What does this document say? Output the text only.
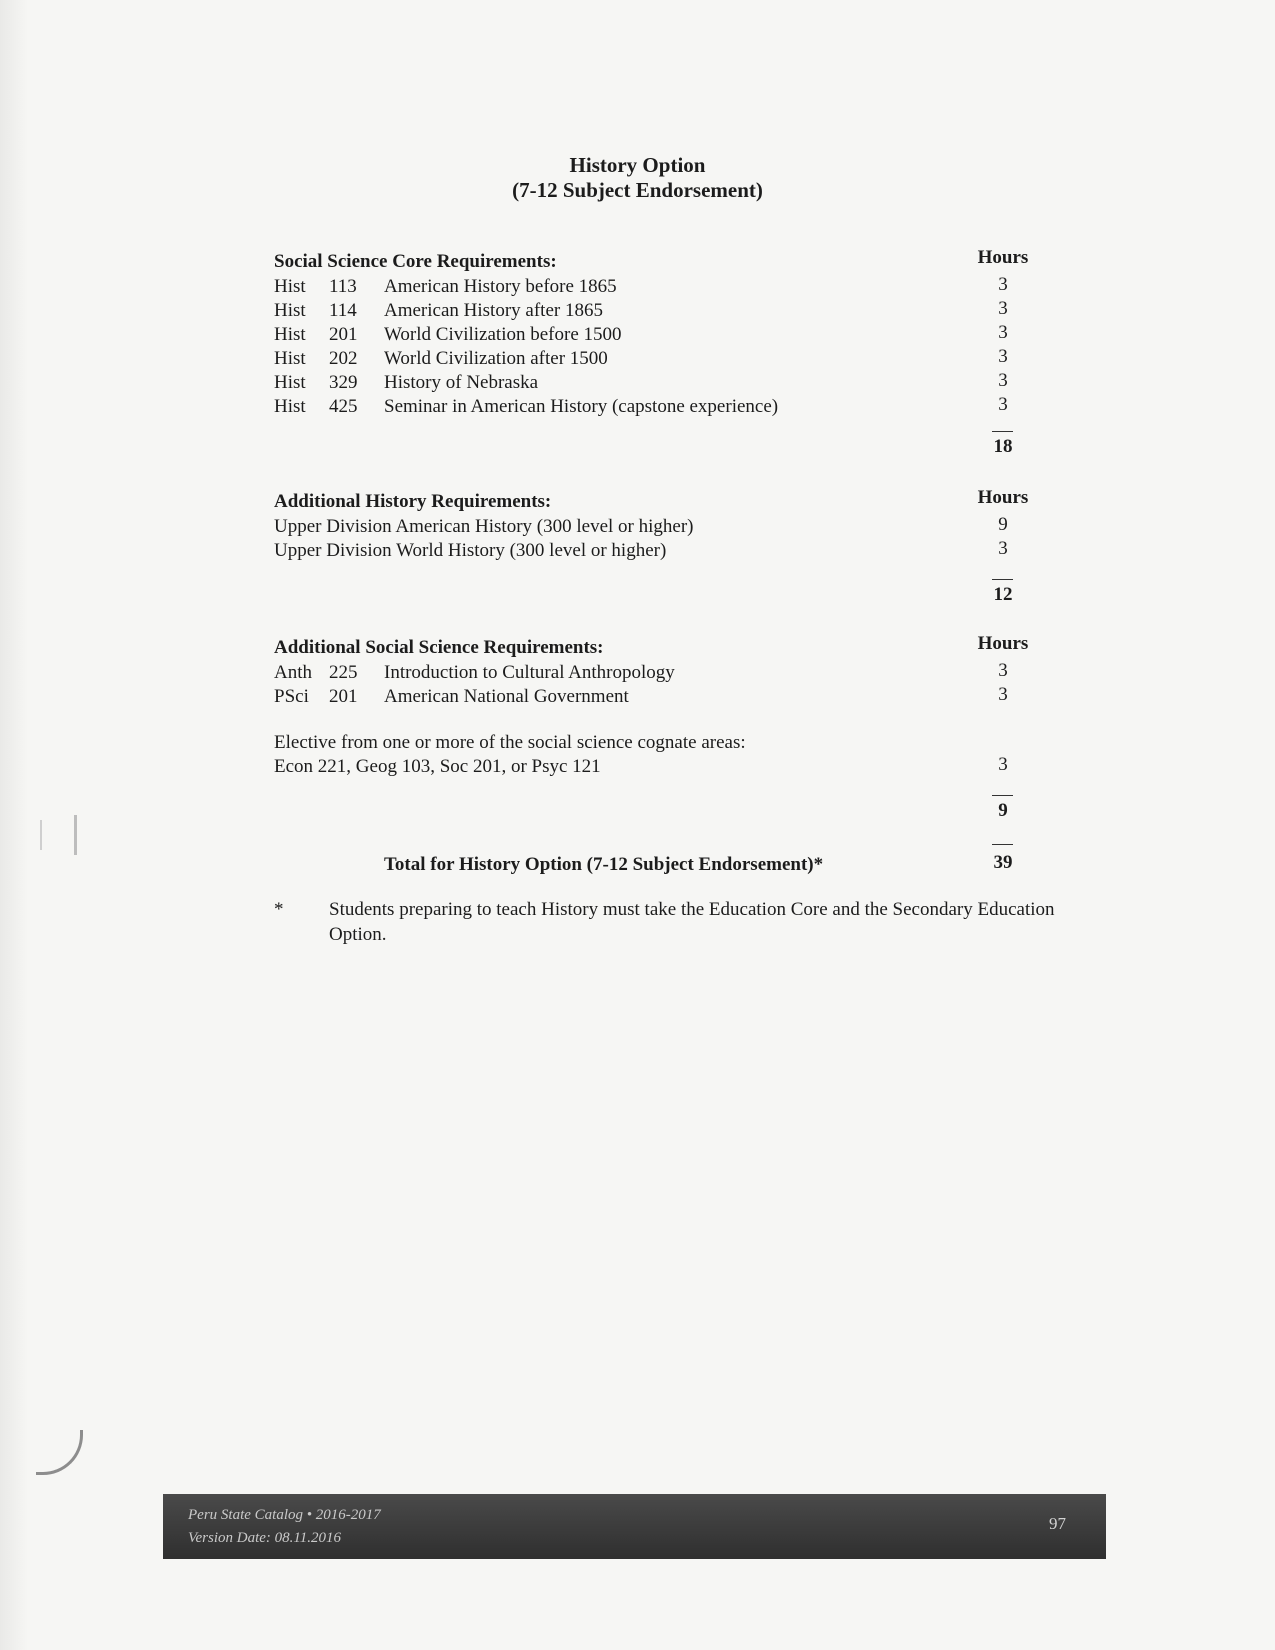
History Option
(7-12 Subject Endorsement)
Social Science Core Requirements:	Hours
Hist 113 American History before 1865	3
Hist 114 American History after 1865	3
Hist 201 World Civilization before 1500	3
Hist 202 World Civilization after 1500	3
Hist 329 History of Nebraska	3
Hist 425 Seminar in American History (capstone experience)	3
18
Additional History Requirements:	Hours
Upper Division American History (300 level or higher)	9
Upper Division World History (300 level or higher)	3
12
Additional Social Science Requirements:	Hours
Anth 225 Introduction to Cultural Anthropology	3
PSci 201 American National Government	3
Elective from one or more of the social science cognate areas:
Econ 221, Geog 103, Soc 201, or Psyc 121	3
9
Total for History Option (7-12 Subject Endorsement)*	39
* Students preparing to teach History must take the Education Core and the Secondary Education Option.
Peru State Catalog • 2016-2017
Version Date: 08.11.2016
97
